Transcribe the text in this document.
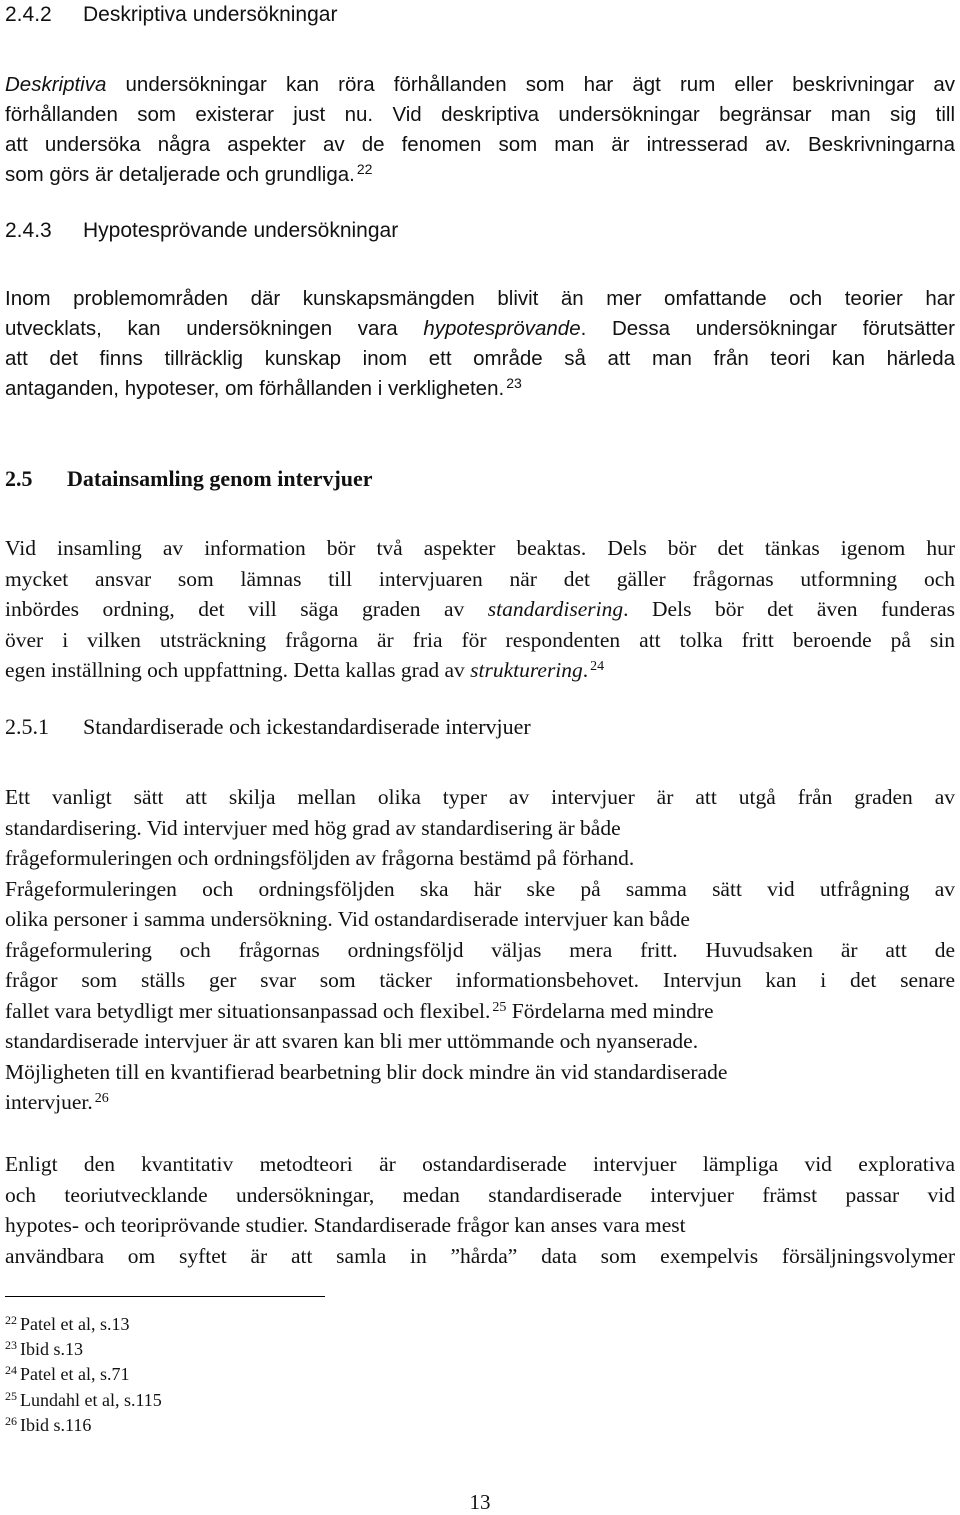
2.4.2 Deskriptiva undersökningar
Deskriptiva undersökningar kan röra förhållanden som har ägt rum eller beskrivningar av
förhållanden som existerar just nu. Vid deskriptiva undersökningar begränsar man sig till
att undersöka några aspekter av de fenomen som man är intresserad av. Beskrivningarna
som görs är detaljerade och grundliga. $^{22}$
2.4.3 Hypotesprövande undersökningar
Inom problemområden där kunskapsmängden blivit än mer omfattande och teorier har
utvecklats, kan undersökningen vara hypotesprövande. Dessa undersökningar förutsätter
att det finns tillräcklig kunskap inom ett område så att man från teori kan härleda
antaganden, hypoteser, om förhållanden i verkligheten. $^{23}$
2.5 Datainsamling genom intervjuer
Vid insamling av information bör två aspekter beaktas. Dels bör det tänkas igenom hur
mycket ansvar som lämnas till intervjuaren när det gäller frågornas utformning och
inbördes ordning, det vill säga graden av standardisering. Dels bör det även funderas
över i vilken utsträckning frågorna är fria för respondenten att tolka fritt beroende på sin
egen inställning och uppfattning. Detta kallas grad av strukturering. $^{24}$
2.5.1 Standardiserade och ickestandardiserade intervjuer
Ett vanligt sätt att skilja mellan olika typer av intervjuer är att utgå från graden av
standardisering. Vid intervjuer med hög grad av standardisering är både
frågeformuleringen och ordningsföljden av frågorna bestämd på förhand.
Frågeformuleringen och ordningsföljden ska här ske på samma sätt vid utfrågning av
olika personer i samma undersökning. Vid ostandardiserade intervjuer kan både
frågeformulering och frågornas ordningsföljd väljas mera fritt. Huvudsaken är att de
frågor som ställs ger svar som täcker informationsbehovet. Intervjun kan i det senare
fallet vara betydligt mer situationsanpassad och flexibel. $^{25}$ Fördelarna med mindre
standardiserade intervjuer är att svaren kan bli mer uttömmande och nyanserade.
Möjligheten till en kvantifierad bearbetning blir dock mindre än vid standardiserade
intervjuer. $^{26}$
Enligt den kvantitativ metodteori är ostandardiserade intervjuer lämpliga vid explorativa
och teoriutvecklande undersökningar, medan standardiserade intervjuer främst passar vid
hypotes- och teoriprövande studier. Standardiserade frågor kan anses vara mest
användbara om syftet är att samla in ”hårda” data som exempelvis försäljningsvolymer
$^{22}$ Patel et al, s.13
$^{23}$ Ibid s.13
$^{24}$ Patel et al, s.71
$^{25}$ Lundahl et al, s.115
$^{26}$ Ibid s.116
13
